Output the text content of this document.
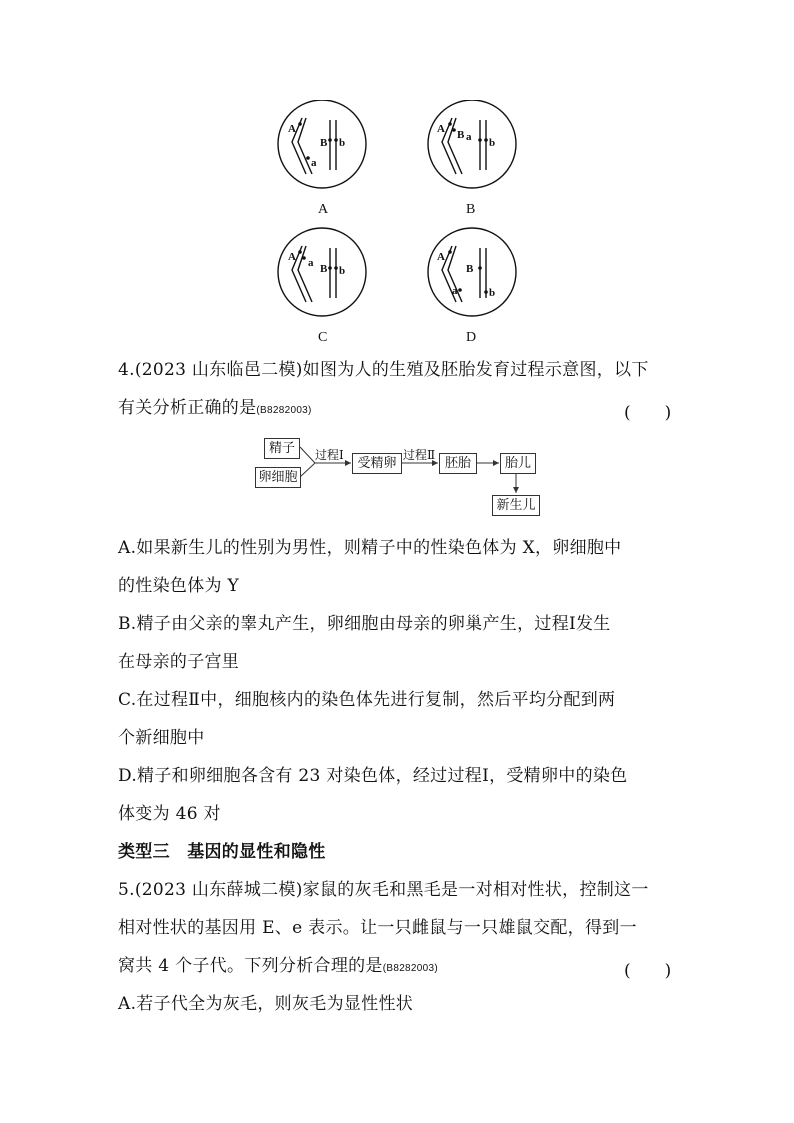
A
a
B b
A B a b
A a B b
A
B
a	b
A	B
C	D
4.(2023 山东临邑二模)如图为人的生殖及胚胎发育过程示意图，以下
有关分析正确的是(B8282003)	(　　)
精子
卵细胞
过程Ⅰ
受精卵
过程Ⅱ
胚胎	胎儿
新生儿
A.如果新生儿的性别为男性，则精子中的性染色体为 X，卵细胞中
的性染色体为 Y
B.精子由父亲的睾丸产生，卵细胞由母亲的卵巢产生，过程Ⅰ发生
在母亲的子宫里
C.在过程Ⅱ中，细胞核内的染色体先进行复制，然后平均分配到两
个新细胞中
D.精子和卵细胞各含有 23 对染色体，经过过程Ⅰ，受精卵中的染色
体变为 46 对
类型三　基因的显性和隐性
5.(2023 山东薛城二模)家鼠的灰毛和黑毛是一对相对性状，控制这一
相对性状的基因用 E、e 表示。让一只雌鼠与一只雄鼠交配，得到一
窝共 4 个子代。下列分析合理的是(B8282003)	(　　)
A.若子代全为灰毛，则灰毛为显性性状
